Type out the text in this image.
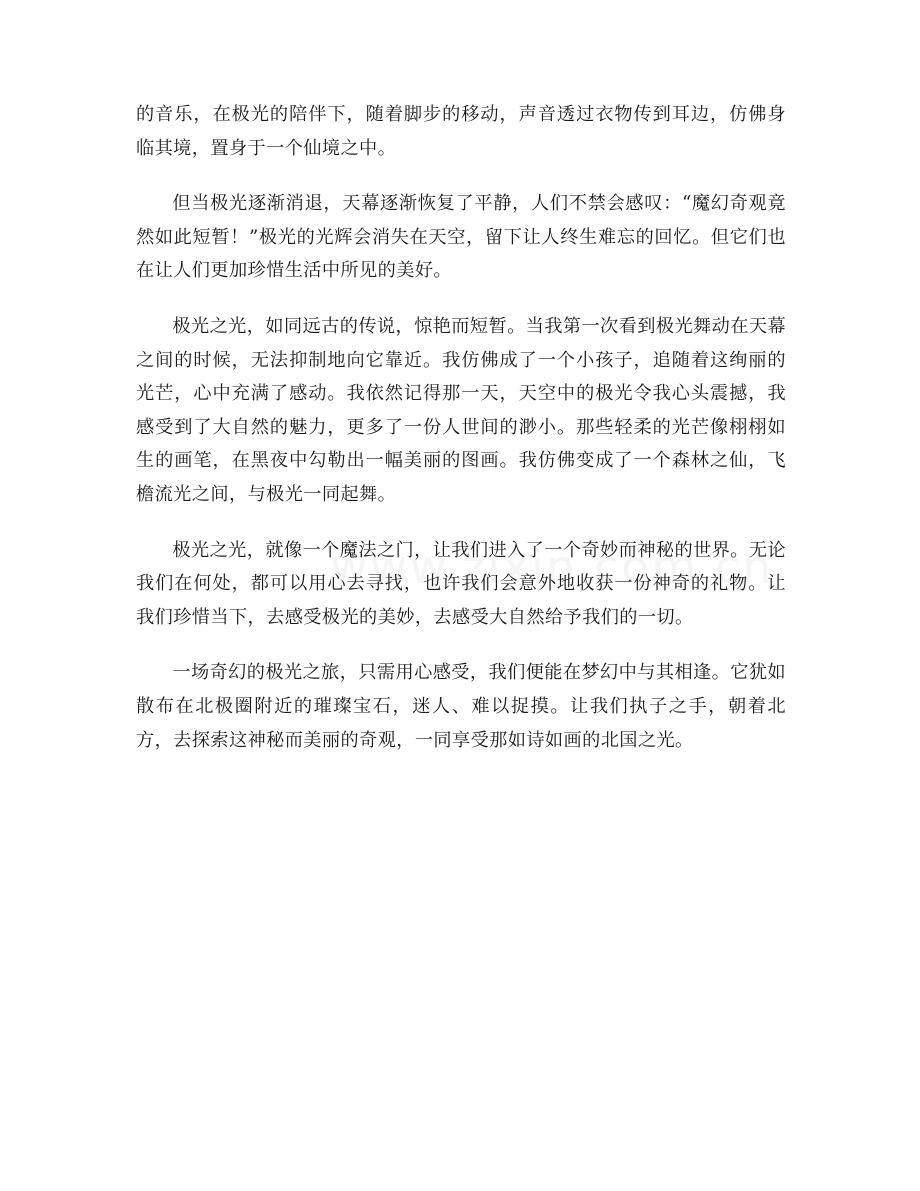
的音乐，在极光的陪伴下，随着脚步的移动，声音透过衣物传到耳边，仿佛身临其境，置身于一个仙境之中。

但当极光逐渐消退，天幕逐渐恢复了平静，人们不禁会感叹：“魔幻奇观竟然如此短暂！”极光的光辉会消失在天空，留下让人终生难忘的回忆。但它们也在让人们更加珍惜生活中所见的美好。

极光之光，如同远古的传说，惊艳而短暂。当我第一次看到极光舞动在天幕之间的时候，无法抑制地向它靠近。我仿佛成了一个小孩子，追随着这绚丽的光芒，心中充满了感动。我依然记得那一天，天空中的极光令我心头震撼，我感受到了大自然的魅力，更多了一份人世间的渺小。那些轻柔的光芒像栩栩如生的画笔，在黑夜中勾勒出一幅美丽的图画。我仿佛变成了一个森林之仙，飞檐流光之间，与极光一同起舞。

极光之光，就像一个魔法之门，让我们进入了一个奇妙而神秘的世界。无论我们在何处，都可以用心去寻找，也许我们会意外地收获一份神奇的礼物。让我们珍惜当下，去感受极光的美妙，去感受大自然给予我们的一切。

一场奇幻的极光之旅，只需用心感受，我们便能在梦幻中与其相逢。它犹如散布在北极圈附近的璀璨宝石，迷人、难以捉摸。让我们执子之手，朝着北方，去探索这神秘而美丽的奇观，一同享受那如诗如画的北国之光。
